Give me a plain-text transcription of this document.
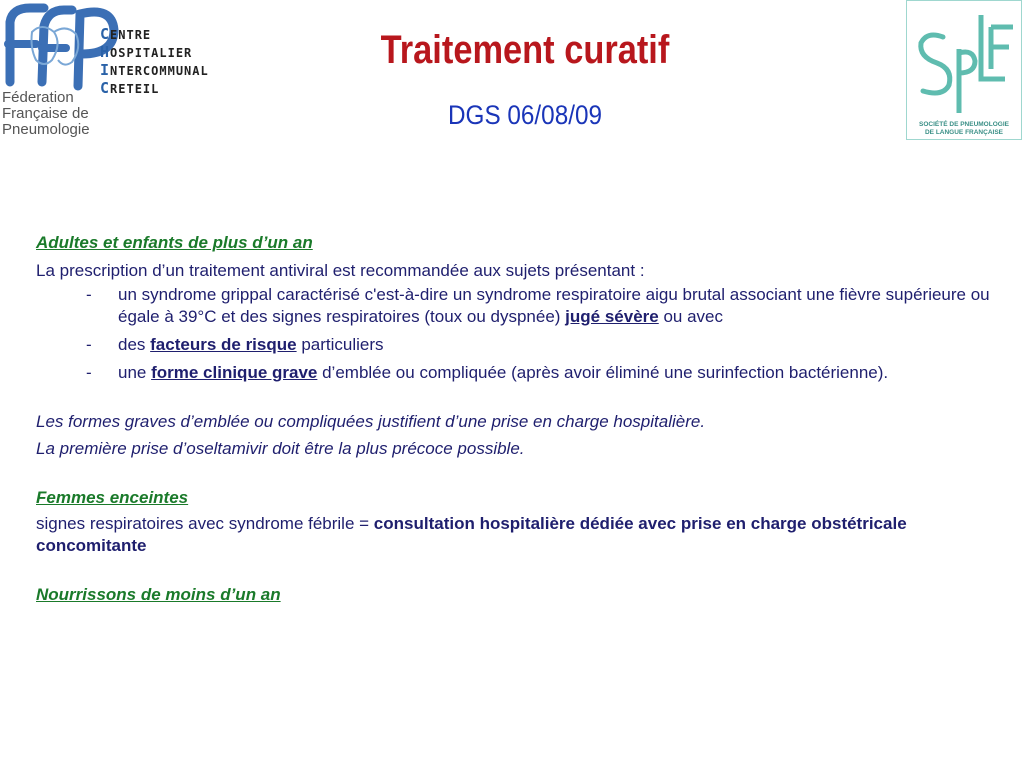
CENTRE
HOSPITALIER
INTERCOMMUNAL
CRETEIL
Féderation
Française de
Pneumologie
Traitement curatif
DGS 06/08/09	SOCIÉTÉ DE PNEUMOLOGIE
DE LANGUE FRANÇAISE

Adultes et enfants de plus d’un an

La prescription d’un traitement antiviral est recommandée aux sujets présentant :

- un syndrome grippal caractérisé c'est-à-dire un syndrome respiratoire aigu brutal associant une fièvre supérieure ou égale à 39°C et des signes respiratoires (toux ou dyspnée) jugé sévère ou avec
- des facteurs de risque particuliers
- une forme clinique grave d’emblée ou compliquée (après avoir éliminé une surinfection bactérienne).

Les formes graves d’emblée ou compliquées justifient d’une prise en charge hospitalière.

La première prise d’oseltamivir doit être la plus précoce possible.

Femmes enceintes

signes respiratoires avec syndrome fébrile = consultation hospitalière dédiée avec prise en charge obstétricale concomitante

Nourrissons de moins d’un an
